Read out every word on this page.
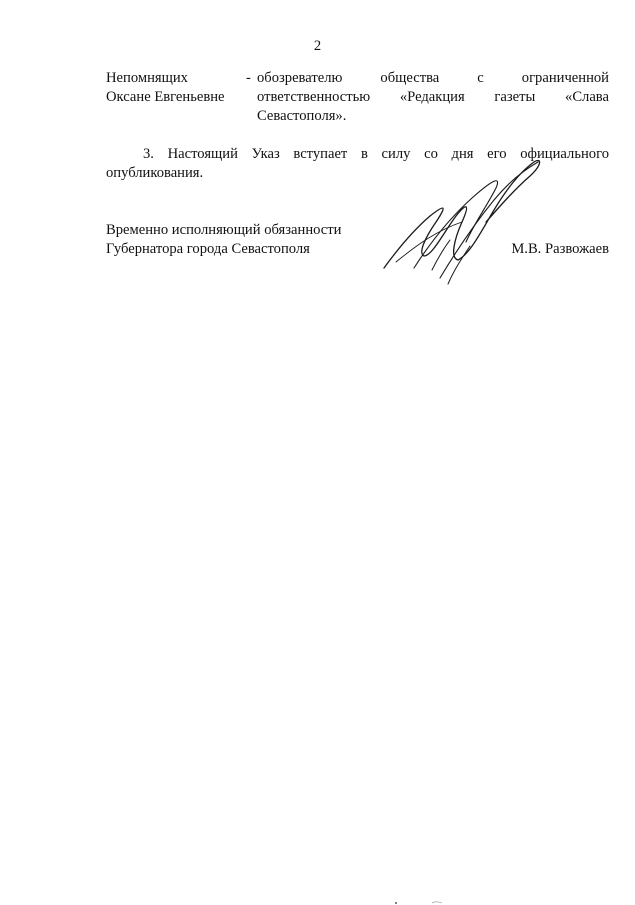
2
Непомнящих
Оксане Евгеньевне
- обозревателю общества с ограниченной
ответственностью «Редакция газеты «Слава
Севастополя».
3. Настоящий Указ вступает в силу со дня его официального
опубликования.
Временно исполняющий обязанности
Губернатора города Севастополя	М.В. Развожаев
